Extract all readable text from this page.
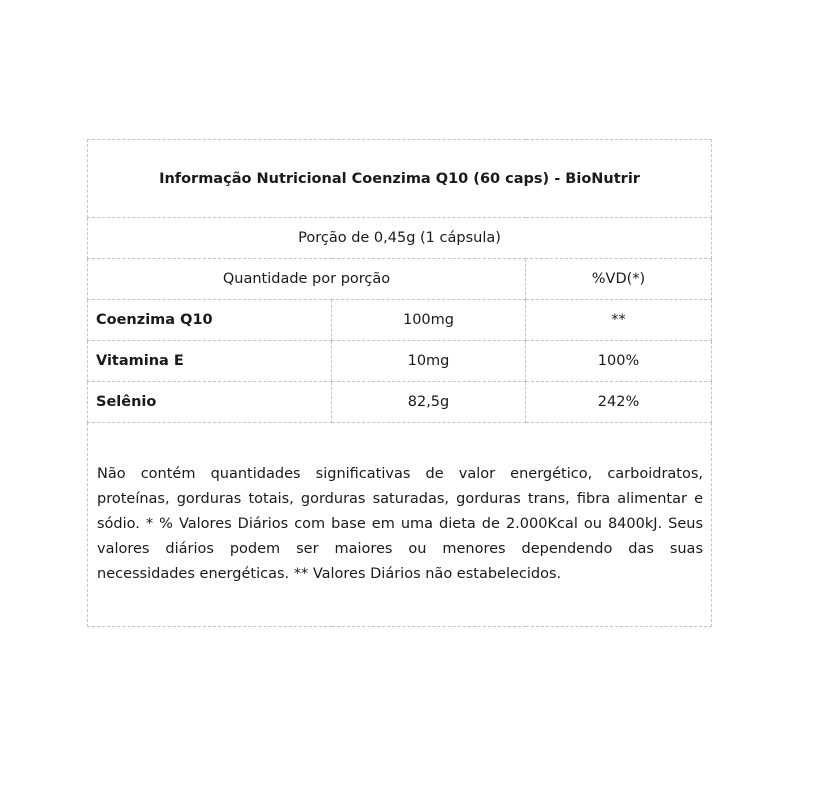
Informação Nutricional Coenzima Q10 (60 caps) - BioNutrir		
Porção de 0,45g (1 cápsula)		
Quantidade por porção		%VD(*)
Coenzima Q10	100mg	**
Vitamina E	10mg	100%
Selênio	82,5g	242%

Não contém quantidades significativas de valor energético, carboidratos, proteínas, gorduras totais, gorduras saturadas, gorduras trans, fibra alimentar e sódio. * % Valores Diários com base em uma dieta de 2.000Kcal ou 8400kJ. Seus valores diários podem ser maiores ou menores dependendo das suas necessidades energéticas. ** Valores Diários não estabelecidos.		
